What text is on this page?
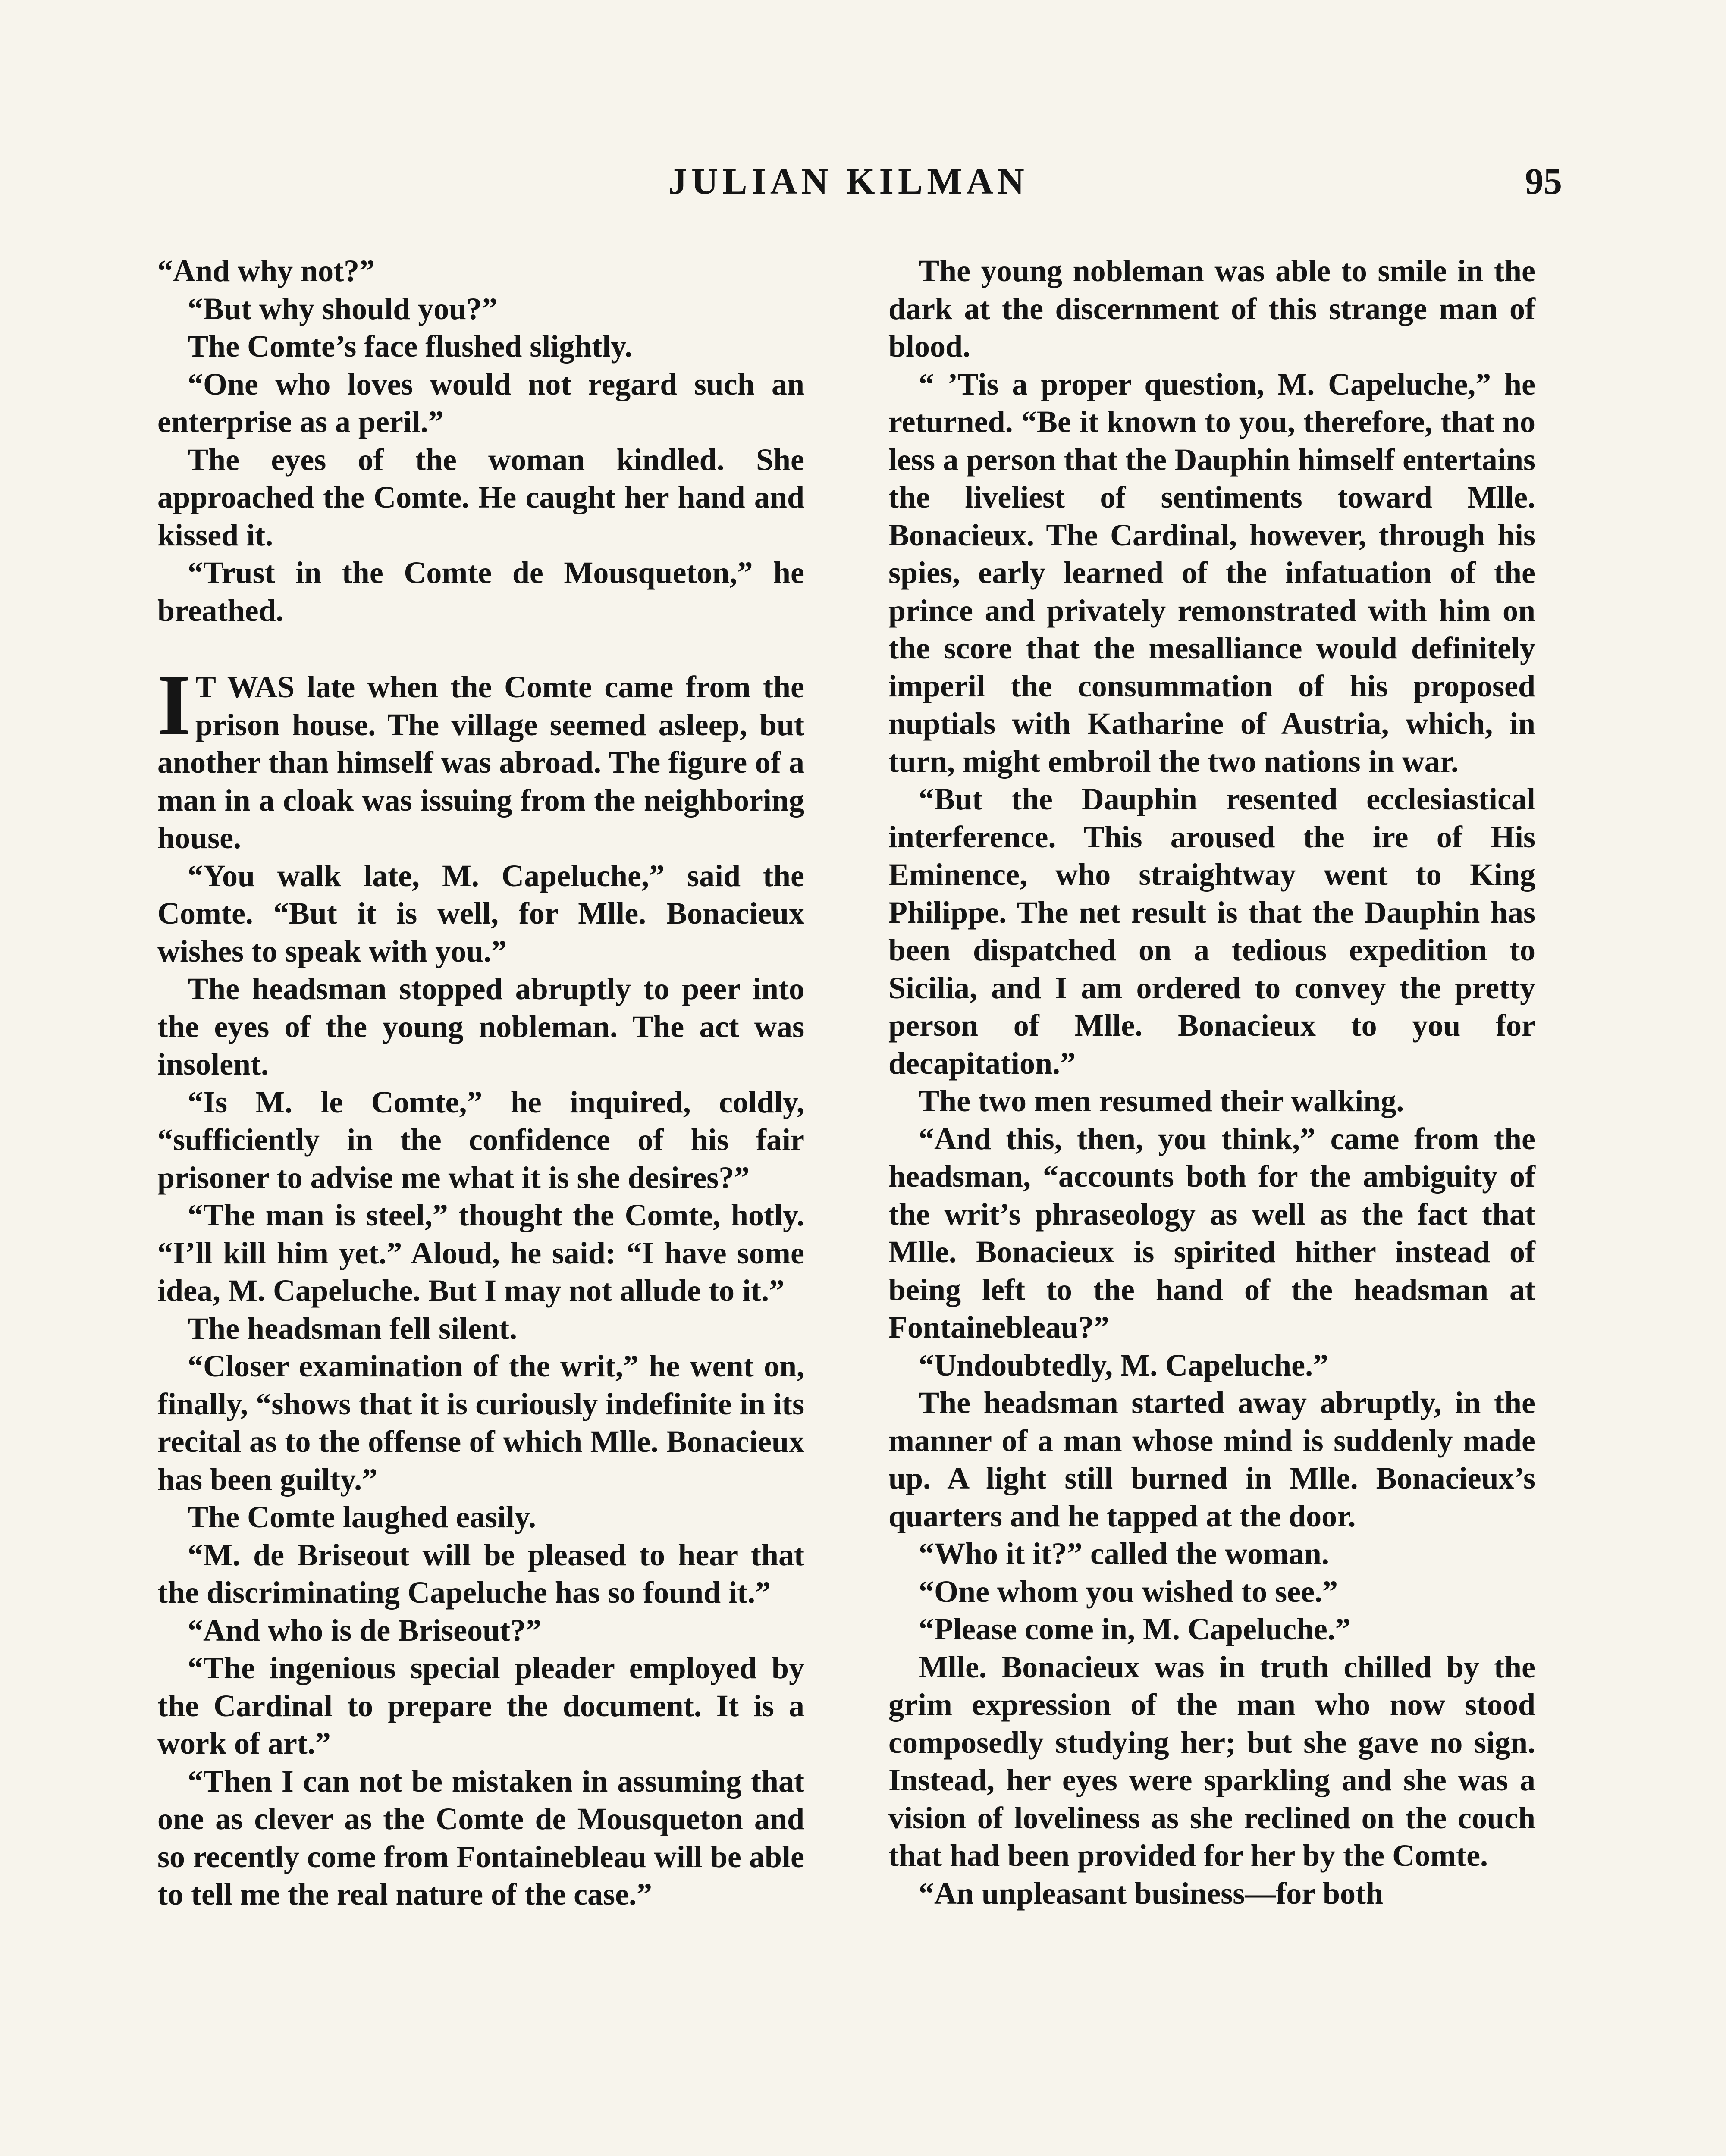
JULIAN KILMAN	95

“And why not?”

“But why should you?”

The Comte’s face flushed slightly.

“One who loves would not regard such an enterprise as a peril.”

The eyes of the woman kindled. She approached the Comte. He caught her hand and kissed it.

“Trust in the Comte de Mousqueton,” he breathed.

I T WAS late when the Comte came from the prison house. The village seemed asleep, but another than himself was abroad. The figure of a man in a cloak was issuing from the neighboring house.

“You walk late, M. Capeluche,” said the Comte. “But it is well, for Mlle. Bonacieux wishes to speak with you.”

The headsman stopped abruptly to peer into the eyes of the young nobleman. The act was insolent.

“Is M. le Comte,” he inquired, coldly, “sufficiently in the confidence of his fair prisoner to advise me what it is she desires?”

“The man is steel,” thought the Comte, hotly. “I’ll kill him yet.” Aloud, he said: “I have some idea, M. Capeluche. But I may not allude to it.”

The headsman fell silent.

“Closer examination of the writ,” he went on, finally, “shows that it is curiously indefinite in its recital as to the offense of which Mlle. Bonacieux has been guilty.”

The Comte laughed easily.

“M. de Briseout will be pleased to hear that the discriminating Capeluche has so found it.”

“And who is de Briseout?”

“The ingenious special pleader employed by the Cardinal to prepare the document. It is a work of art.”

“Then I can not be mistaken in assuming that one as clever as the Comte de Mousqueton and so recently come from Fontainebleau will be able to tell me the real nature of the case.”

The young nobleman was able to smile in the dark at the discernment of this strange man of blood.

“ ’Tis a proper question, M. Capeluche,” he returned. “Be it known to you, therefore, that no less a person that the Dauphin himself entertains the liveliest of sentiments toward Mlle. Bonacieux. The Cardinal, however, through his spies, early learned of the infatuation of the prince and privately remonstrated with him on the score that the mesalliance would definitely imperil the consummation of his proposed nuptials with Katharine of Austria, which, in turn, might embroil the two nations in war.

“But the Dauphin resented ecclesiastical interference. This aroused the ire of His Eminence, who straightway went to King Philippe. The net result is that the Dauphin has been dispatched on a tedious expedition to Sicilia, and I am ordered to convey the pretty person of Mlle. Bonacieux to you for decapitation.”

The two men resumed their walking.

“And this, then, you think,” came from the headsman, “accounts both for the ambiguity of the writ’s phraseology as well as the fact that Mlle. Bonacieux is spirited hither instead of being left to the hand of the headsman at Fontainebleau?”

“Undoubtedly, M. Capeluche.”

The headsman started away abruptly, in the manner of a man whose mind is suddenly made up. A light still burned in Mlle. Bonacieux’s quarters and he tapped at the door.

“Who it it?” called the woman.

“One whom you wished to see.”

“Please come in, M. Capeluche.”

Mlle. Bonacieux was in truth chilled by the grim expression of the man who now stood composedly studying her; but she gave no sign. Instead, her eyes were sparkling and she was a vision of loveliness as she reclined on the couch that had been provided for her by the Comte.

“An unpleasant business—for both
